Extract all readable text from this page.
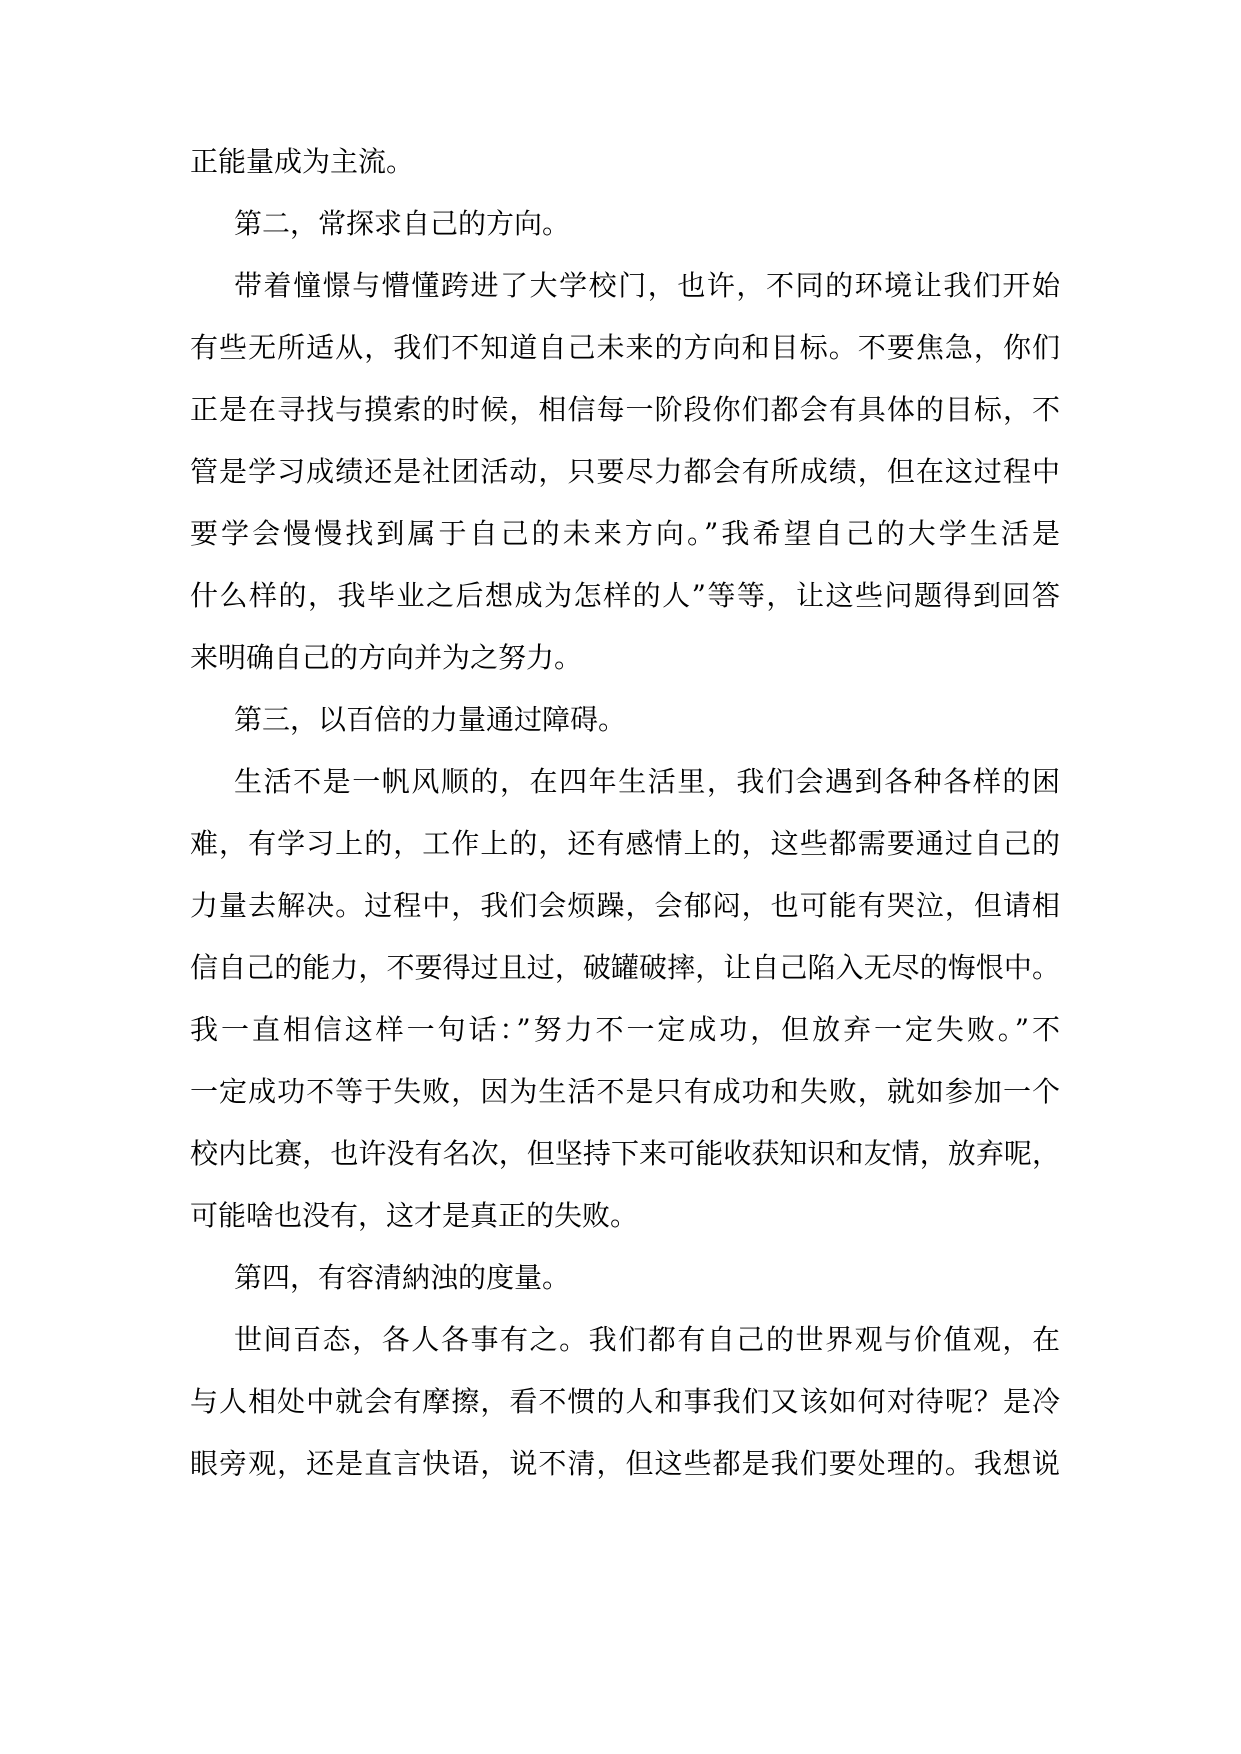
正能量成为主流。
第二，常探求自己的方向。
带着憧憬与懵懂跨进了大学校门，也许，不同的环境让我们开始
有些无所适从，我们不知道自己未来的方向和目标。不要焦急，你们
正是在寻找与摸索的时候，相信每一阶段你们都会有具体的目标，不
管是学习成绩还是社团活动，只要尽力都会有所成绩，但在这过程中
要学会慢慢找到属于自己的未来方向。”我希望自己的大学生活是
什么样的，我毕业之后想成为怎样的人”等等，让这些问题得到回答
来明确自己的方向并为之努力。
第三，以百倍的力量通过障碍。
生活不是一帆风顺的，在四年生活里，我们会遇到各种各样的困
难，有学习上的，工作上的，还有感情上的，这些都需要通过自己的
力量去解决。过程中，我们会烦躁，会郁闷，也可能有哭泣，但请相
信自己的能力，不要得过且过，破罐破摔，让自己陷入无尽的悔恨中。
我一直相信这样一句话：”努力不一定成功，但放弃一定失败。”不
一定成功不等于失败，因为生活不是只有成功和失败，就如参加一个
校内比赛，也许没有名次，但坚持下来可能收获知识和友情，放弃呢，
可能啥也没有，这才是真正的失败。
第四，有容清納浊的度量。
世间百态，各人各事有之。我们都有自己的世界观与价值观，在
与人相处中就会有摩擦，看不惯的人和事我们又该如何对待呢？是冷
眼旁观，还是直言快语，说不清，但这些都是我们要处理的。我想说
